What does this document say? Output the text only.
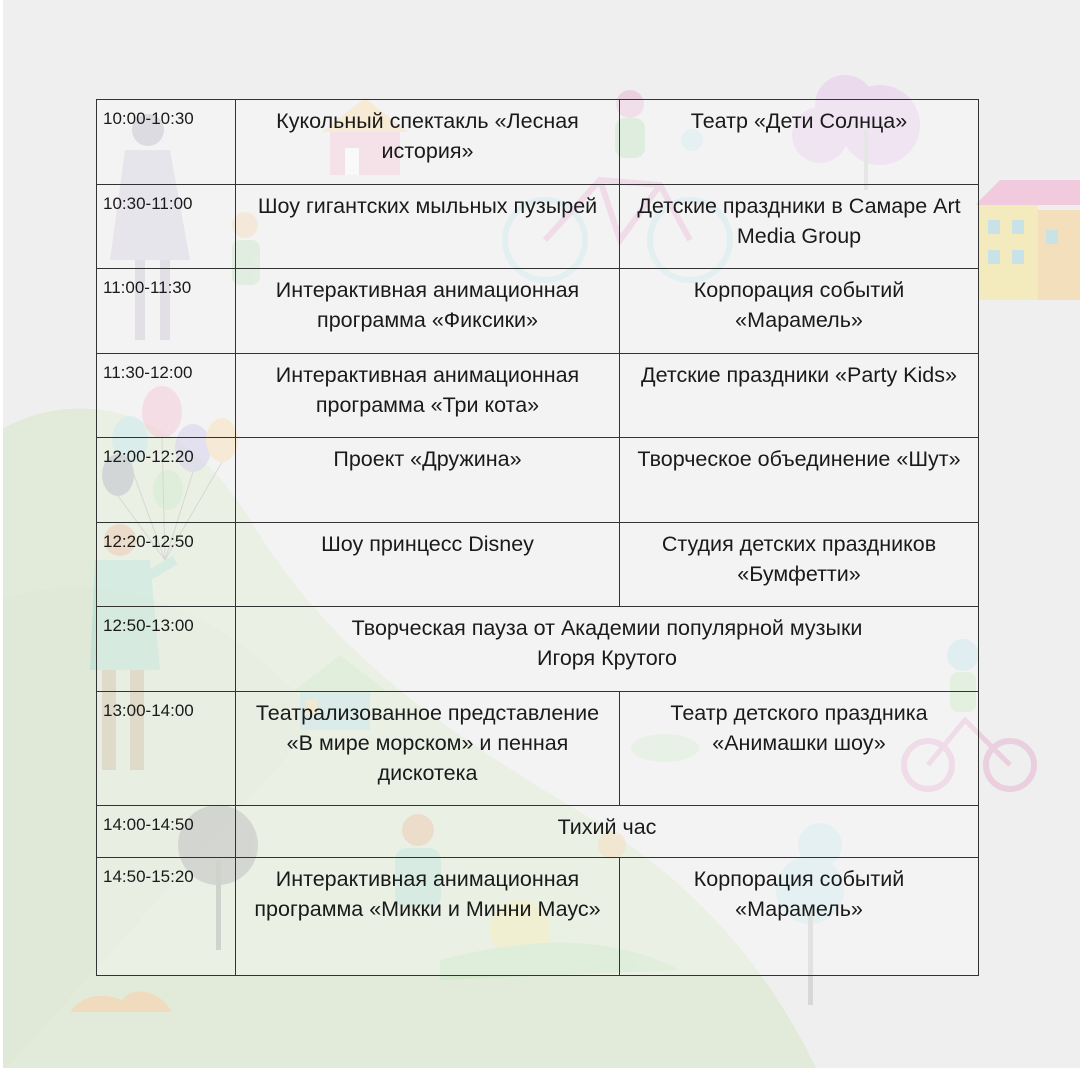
10:00-10:30	Кукольный спектакль «Лесная история»	Театр «Дети Солнца»
10:30-11:00	Шоу гигантских мыльных пузырей	Детские праздники в Самаре Art Media Group
11:00-11:30	Интерактивная анимационная программа «Фиксики»	Корпорация событий «Марамель»
11:30-12:00	Интерактивная анимационная программа «Три кота»	Детские праздники «Party Kids»
12:00-12:20	Проект «Дружина»	Творческое объединение «Шут»
12:20-12:50	Шоу принцесс Disney	Студия детских праздников «Бумфетти»
12:50-13:00	Творческая пауза от Академии популярной музыки Игоря Крутого	
13:00-14:00	Театрализованное представление «В мире морском» и пенная дискотека	Театр детского праздника «Анимашки шоу»
14:00-14:50	Тихий час	
14:50-15:20	Интерактивная анимационная программа «Микки и Минни Маус»	Корпорация событий «Марамель»
